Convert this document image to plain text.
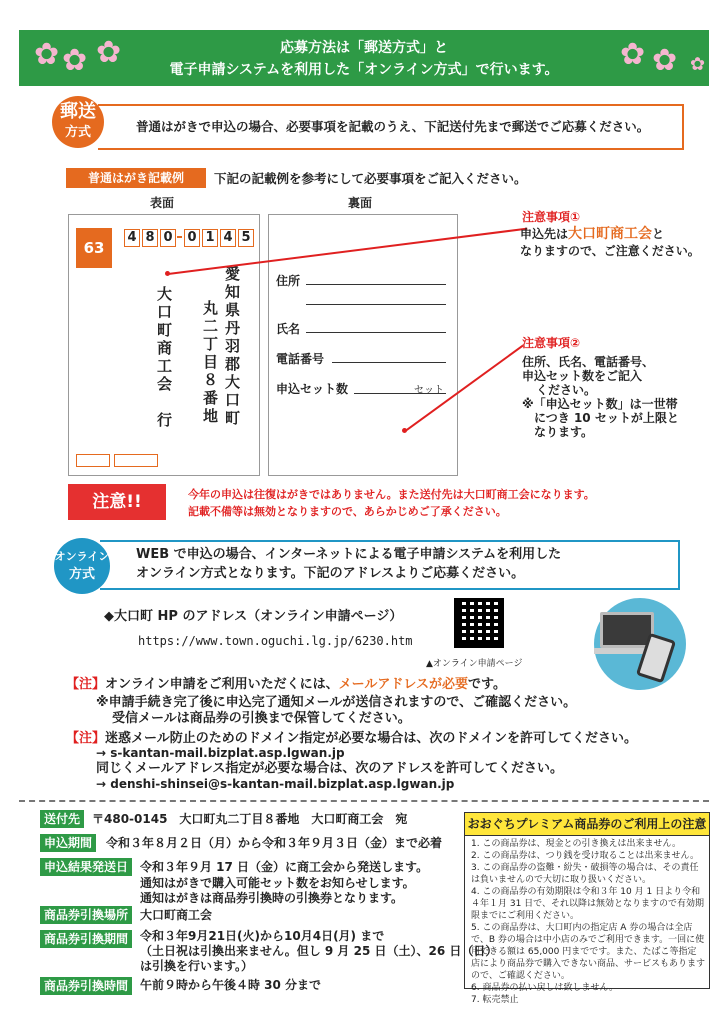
✿ ✿ ✿	✿ ✿ ✿
応募方法は「郵送方式」と
電子申請システムを利用した「オンライン方式」で行います。
郵送
方式	普通はがきで申込の場合、必要事項を記載のうえ、下記送付先まで郵送でご応募ください。
普通はがき記載例	下記の記載例を参考にして必要事項をご記入ください。
表面	裏面
63
4 8 0 0 1 4 5
愛知県丹羽郡大口町
丸二丁目８番地
大口町商工会　行
住所
氏名
電話番号
申込セット数	セット
注意事項①
申込先は大口町商工会と
なりますので、ご注意ください。
注意事項②
住所、氏名、電話番号、
申込セット数をご記入
ください。
※「申込セット数」は一世帯
　につき 10 セットが上限と
　なります。
注意!!	今年の申込は往復はがきではありません。また送付先は大口町商工会になります。
記載不備等は無効となりますので、あらかじめご了承ください。
オンライン
方式
WEB で申込の場合、インターネットによる電子申請システムを利用した
オンライン方式となります。下記のアドレスよりご応募ください。
◆大口町 HP のアドレス（オンライン申請ページ）
https://www.town.oguchi.lg.jp/6230.htm
▲オンライン申請ページ
【注】オンライン申請をご利用いただくには、メールアドレスが必要です。
※申請手続き完了後に申込完了通知メールが送信されますので、ご確認ください。
受信メールは商品券の引換まで保管してください。
【注】迷惑メール防止のためのドメイン指定が必要な場合は、次のドメインを許可してください。
→ s-kantan-mail.bizplat.asp.lgwan.jp
同じくメールアドレス指定が必要な場合は、次のアドレスを許可してください。
→ denshi-shinsei@s-kantan-mail.bizplat.asp.lgwan.jp
送付先 〒480-0145　大口町丸二丁目８番地　大口町商工会　宛
申込期間	令和３年８月２日（月）から令和３年９月３日（金）まで必着
申込結果発送日 令和３年９月 17 日（金）に商工会から発送します。
通知はがきで購入可能セット数をお知らせします。
通知はがきは商品券引換時の引換券となります。
商品券引換場所 大口町商工会
商品券引換期間 令和３年9月21日(火)から10月4日(月) まで
（土日祝は引換出来ません。但し 9 月 25 日（土）、26 日（日）
は引換を行います。）
商品券引換時間 午前９時から午後４時 30 分まで
おおぐちプレミアム商品券のご利用上の注意
1. この商品券は、現金との引き換えは出来ません。
2. この商品券は、つり銭を受け取ることは出来ません。
3. この商品券の盗難・紛失・破損等の場合は、その責任は負いませんので大切に取り扱いください。
4. この商品券の有効期限は令和３年 10 月 1 日より令和４年１月 31 日で、それ以降は無効となりますので有効期限までにご利用ください。
5. この商品券は、大口町内の指定店 A 券の場合は全店で、B 券の場合は中小店のみでご利用できます。一回に使用できる額は 65,000 円までです。また、たばこ等指定店により商品券で購入できない商品、サービスもありますので、ご確認ください。
6. 商品券の払い戻しは致しません。
7. 転売禁止
